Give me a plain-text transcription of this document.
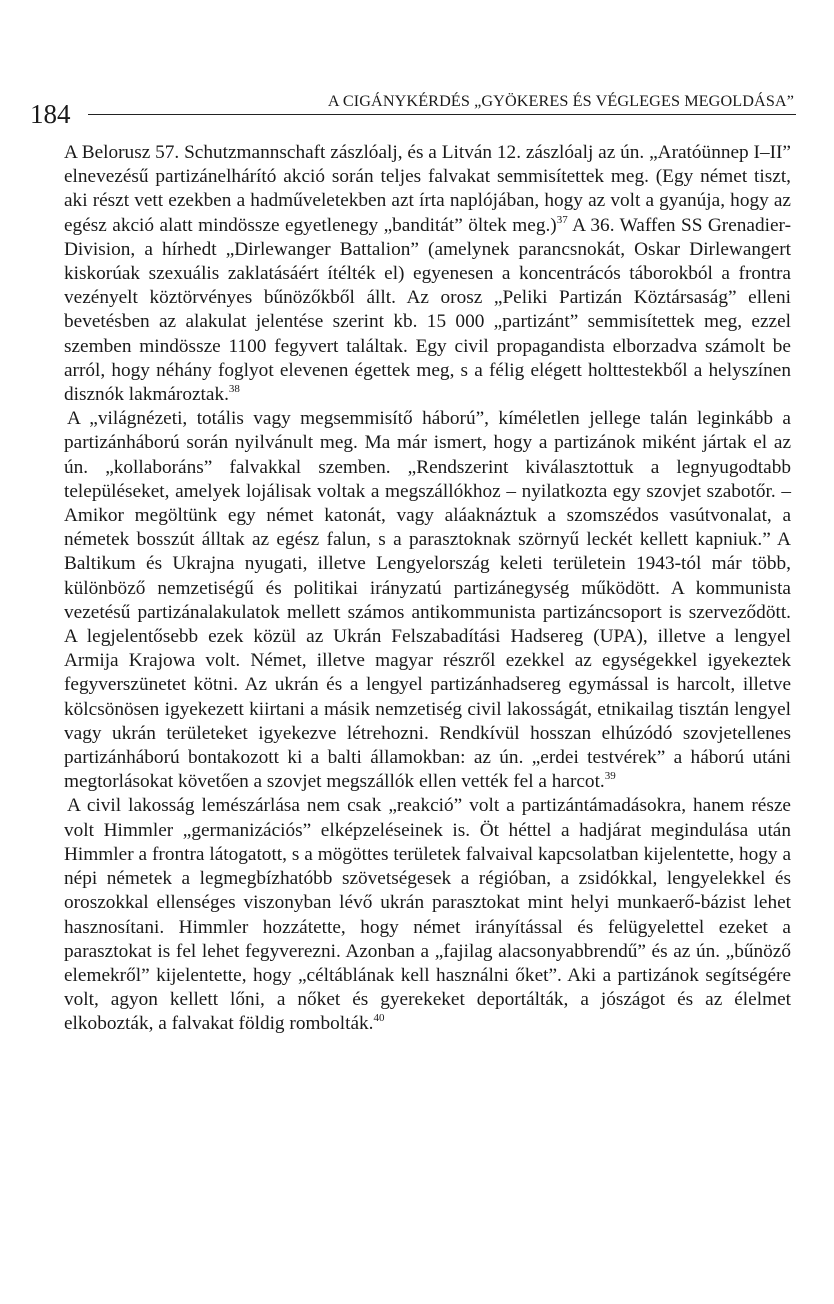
184	A CIGÁNYKÉRDÉS „GYÖKERES ÉS VÉGLEGES MEGOLDÁSA”

A Belorusz 57. Schutzmannschaft zászlóalj, és a Litván 12. zászlóalj az ún. „Aratóünnep I–II” elnevezésű partizánelhárító akció során teljes falvakat semmisítettek meg. (Egy német tiszt, aki részt vett ezekben a hadműveletekben azt írta naplójában, hogy az volt a gyanúja, hogy az egész akció alatt mindössze egyetlenegy „banditát” öltek meg.)$^{37}$ A 36. Waffen SS Grenadier-Division, a hírhedt „Dirlewanger Battalion” (amelynek parancsnokát, Oskar Dirlewangert kiskorúak szexuális zaklatásáért ítélték el) egyenesen a koncentrácós táborokból a frontra vezényelt köztörvényes bűnözőkből állt. Az orosz „Peliki Partizán Köztársaság” elleni bevetésben az alakulat jelentése szerint kb. 15 000 „partizánt” semmisítettek meg, ezzel szemben mindössze 1100 fegyvert találtak. Egy civil propagandista elborzadva számolt be arról, hogy néhány foglyot elevenen égettek meg, s a félig elégett holttestekből a helyszínen disznók lakmároztak.$^{38}$

A „világnézeti, totális vagy megsemmisítő háború”, kíméletlen jellege talán leginkább a partizánháború során nyilvánult meg. Ma már ismert, hogy a partizánok miként jártak el az ún. „kollaboráns” falvakkal szemben. „Rendszerint kiválasztottuk a legnyugodtabb településeket, amelyek lojálisak voltak a megszállókhoz – nyilatkozta egy szovjet szabotőr. – Amikor megöltünk egy német katonát, vagy aláaknáztuk a szomszédos vasútvonalat, a németek bosszút álltak az egész falun, s a parasztoknak szörnyű leckét kellett kapniuk.” A Baltikum és Ukrajna nyugati, illetve Lengyelország keleti területein 1943-tól már több, különböző nemzetiségű és politikai irányzatú partizánegység működött. A kommunista vezetésű partizánalakulatok mellett számos antikommunista partizáncsoport is szerveződött. A legjelentősebb ezek közül az Ukrán Felszabadítási Hadsereg (UPA), illetve a lengyel Armija Krajowa volt. Német, illetve magyar részről ezekkel az egységekkel igyekeztek fegyverszünetet kötni. Az ukrán és a lengyel partizánhadsereg egymással is harcolt, illetve kölcsönösen igyekezett kiirtani a másik nemzetiség civil lakosságát, etnikailag tisztán lengyel vagy ukrán területeket igyekezve létrehozni. Rendkívül hosszan elhúzódó szovjetellenes partizánháború bontakozott ki a balti államokban: az ún. „erdei testvérek” a háború utáni megtorlásokat követően a szovjet megszállók ellen vették fel a harcot.$^{39}$

A civil lakosság lemészárlása nem csak „reakció” volt a partizántámadásokra, hanem része volt Himmler „germanizációs” elképzeléseinek is. Öt héttel a hadjárat megindulása után Himmler a frontra látogatott, s a mögöttes területek falvaival kapcsolatban kijelentette, hogy a népi németek a legmegbízhatóbb szövetségesek a régióban, a zsidókkal, lengyelekkel és oroszokkal ellenséges viszonyban lévő ukrán parasztokat mint helyi munkaerő-bázist lehet hasznosítani. Himmler hozzátette, hogy német irányítással és felügyelettel ezeket a parasztokat is fel lehet fegyverezni. Azonban a „fajilag alacsonyabbrendű” és az ún. „bűnöző elemekről” kijelentette, hogy „céltáblának kell használni őket”. Aki a partizánok segítségére volt, agyon kellett lőni, a nőket és gyerekeket deportálták, a jószágot és az élelmet elkobozták, a falvakat földig rombolták.$^{40}$
